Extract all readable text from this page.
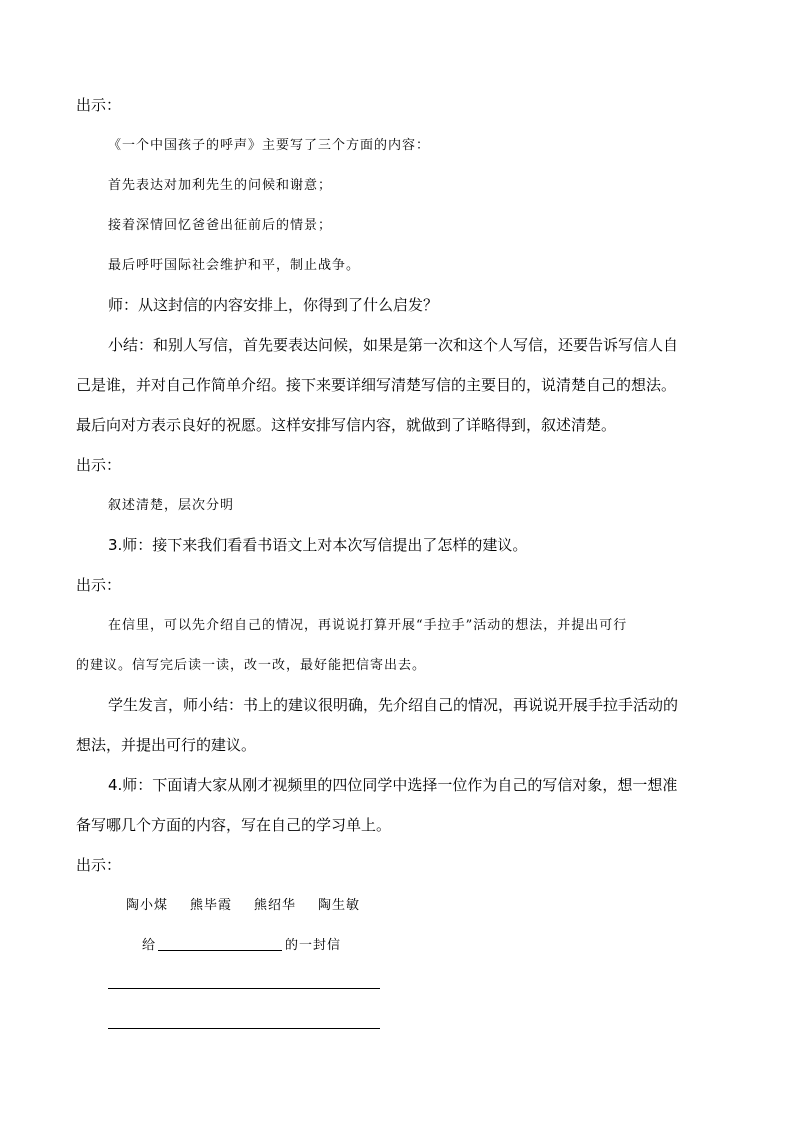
出示：
《一个中国孩子的呼声》主要写了三个方面的内容：
首先表达对加利先生的问候和谢意；
接着深情回忆爸爸出征前后的情景；
最后呼吁国际社会维护和平，制止战争。
师：从这封信的内容安排上，你得到了什么启发？
小结：和别人写信，首先要表达问候，如果是第一次和这个人写信，还要告诉写信人自
己是谁，并对自己作简单介绍。接下来要详细写清楚写信的主要目的，说清楚自己的想法。
最后向对方表示良好的祝愿。这样安排写信内容，就做到了详略得到，叙述清楚。
出示：
叙述清楚，层次分明
3.师：接下来我们看看书语文上对本次写信提出了怎样的建议。
出示：
在信里，可以先介绍自己的情况，再说说打算开展“手拉手”活动的想法，并提出可行
的建议。信写完后读一读，改一改，最好能把信寄出去。
学生发言，师小结：书上的建议很明确，先介绍自己的情况，再说说开展手拉手活动的
想法，并提出可行的建议。
4.师：下面请大家从刚才视频里的四位同学中选择一位作为自己的写信对象，想一想准
备写哪几个方面的内容，写在自己的学习单上。
出示：
陶小煤 熊毕霞 熊绍华 陶生敏
给	的一封信
